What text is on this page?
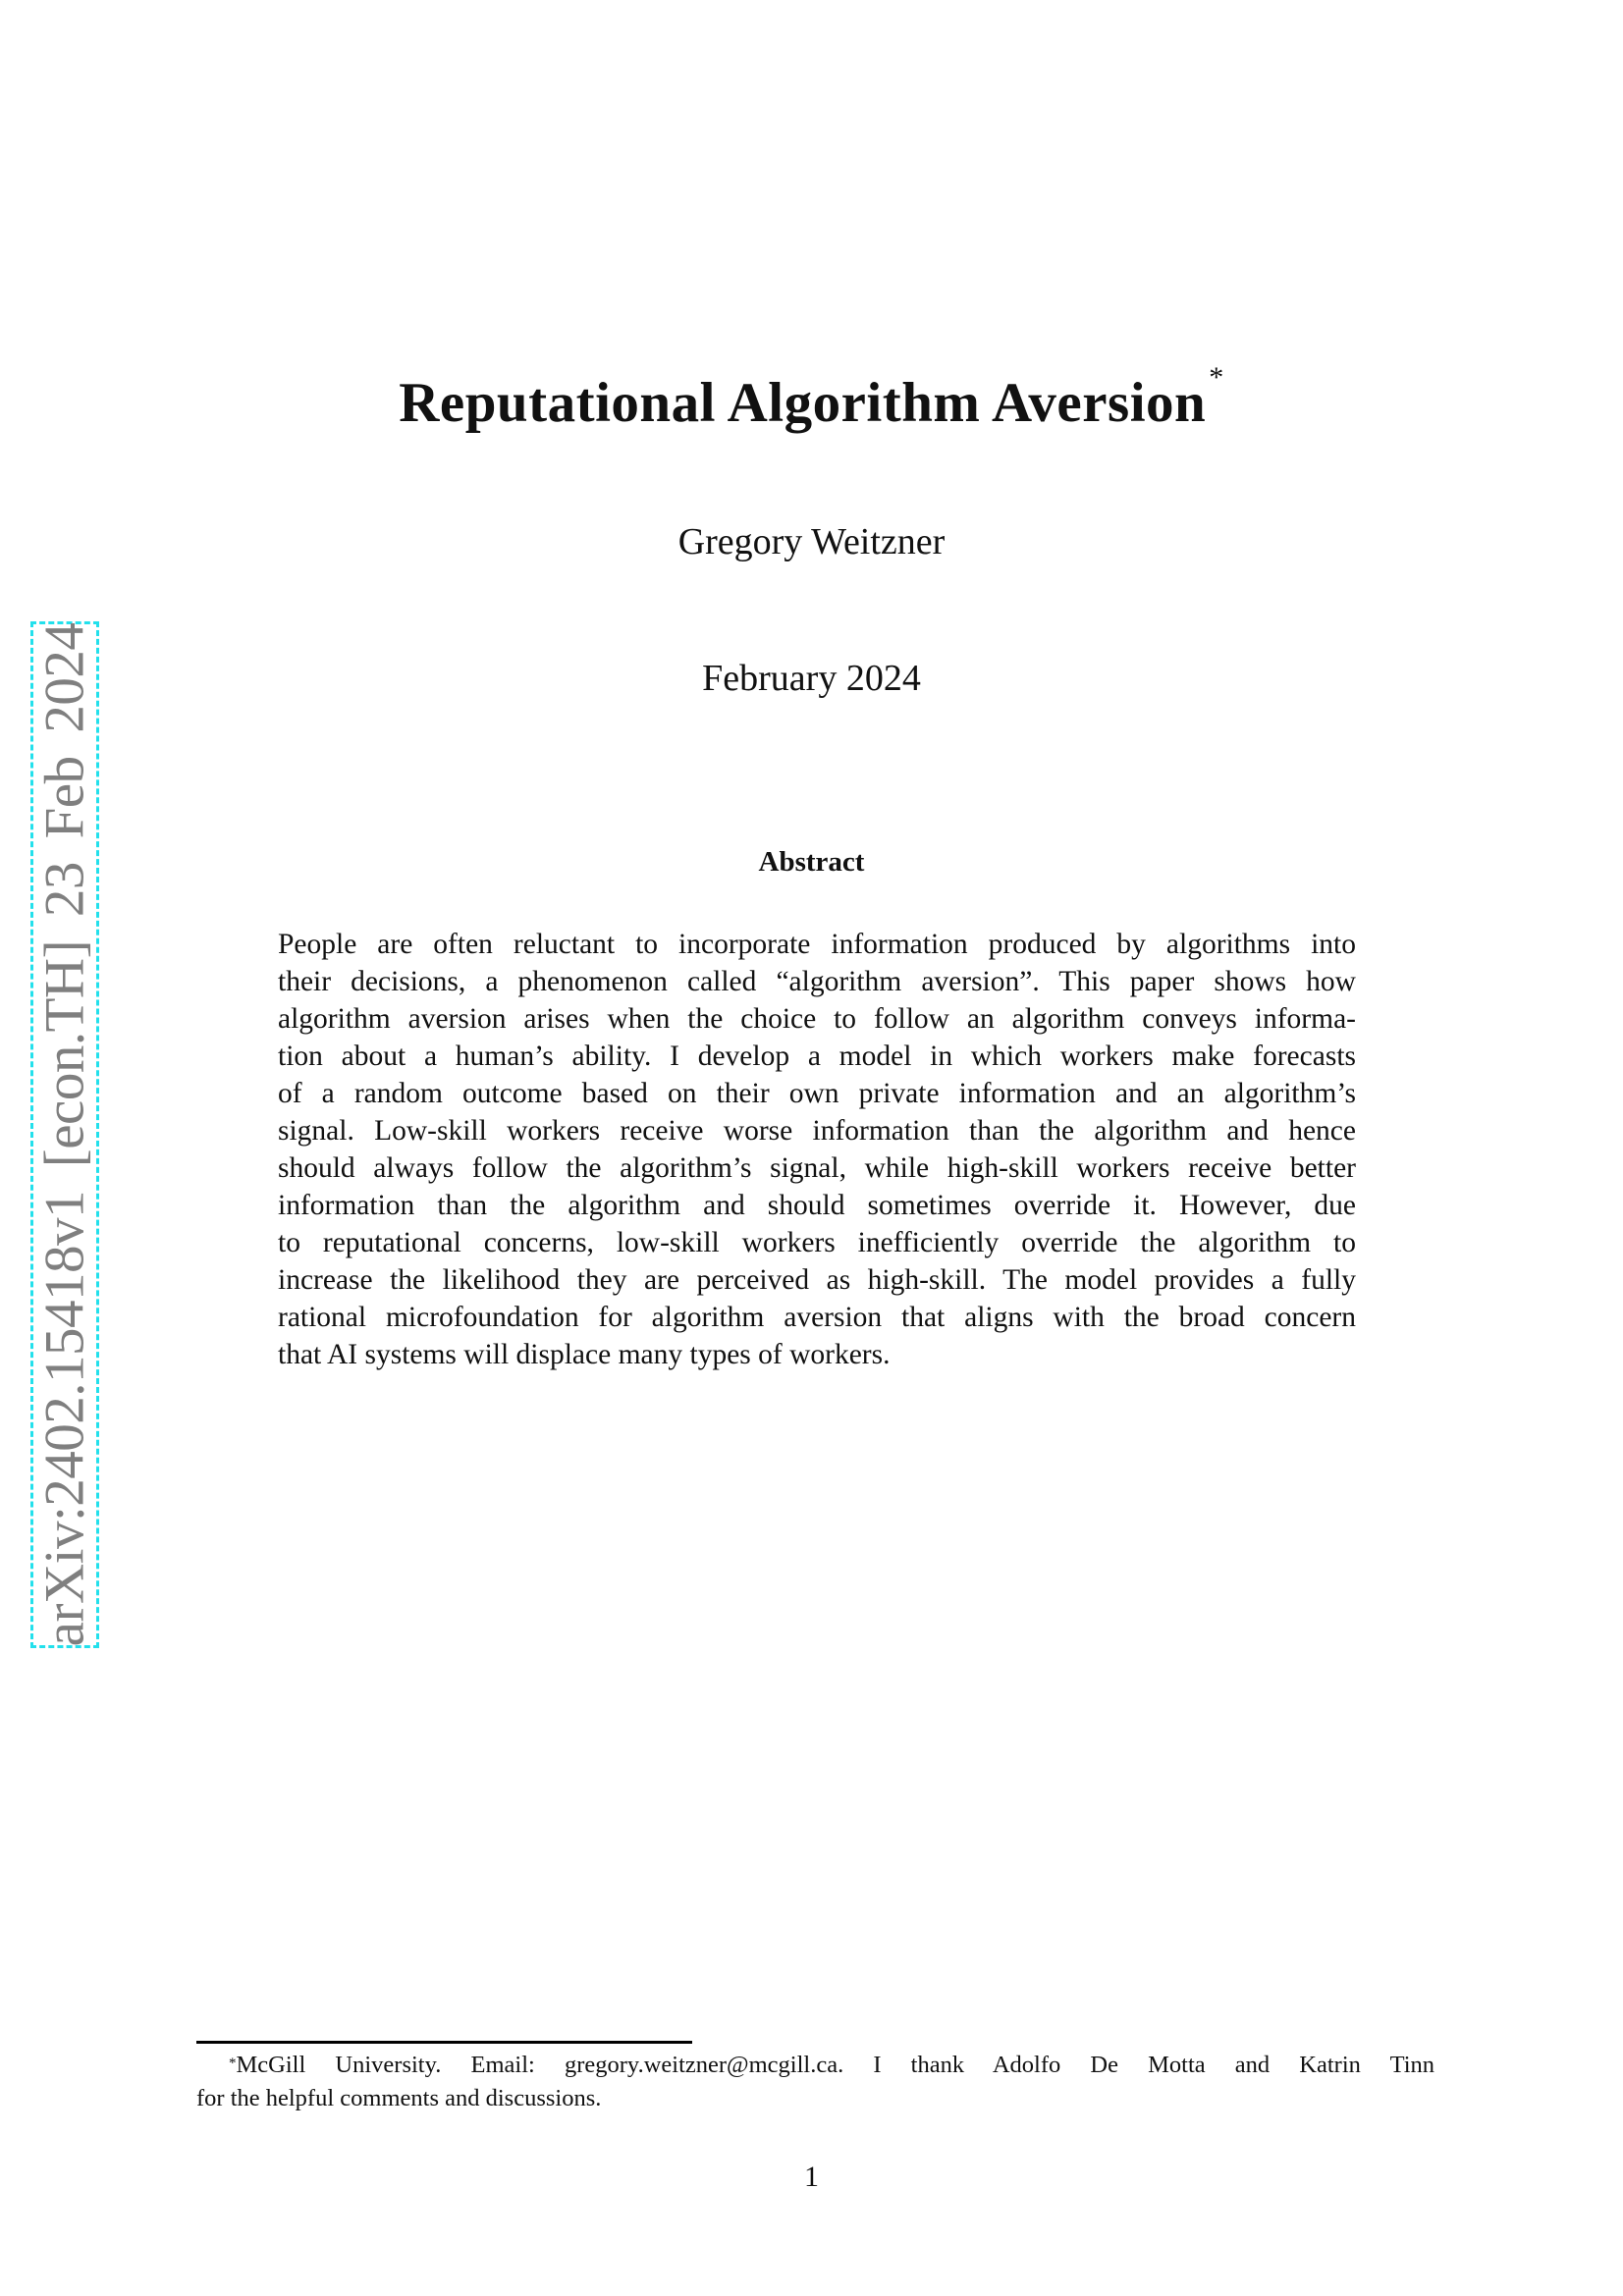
arXiv:2402.15418v1 [econ.TH] 23 Feb 2024
Reputational Algorithm Aversion *
Gregory Weitzner
February 2024
Abstract
People are often reluctant to incorporate information produced by algorithms into
their decisions, a phenomenon called “algorithm aversion”. This paper shows how
algorithm aversion arises when the choice to follow an algorithm conveys informa-
tion about a human’s ability. I develop a model in which workers make forecasts
of a random outcome based on their own private information and an algorithm’s
signal. Low-skill workers receive worse information than the algorithm and hence
should always follow the algorithm’s signal, while high-skill workers receive better
information than the algorithm and should sometimes override it. However, due
to reputational concerns, low-skill workers inefficiently override the algorithm to
increase the likelihood they are perceived as high-skill. The model provides a fully
rational microfoundation for algorithm aversion that aligns with the broad concern
that AI systems will displace many types of workers.
*McGill University. Email: gregory.weitzner@mcgill.ca. I thank Adolfo De Motta and Katrin Tinn
for the helpful comments and discussions.
1
